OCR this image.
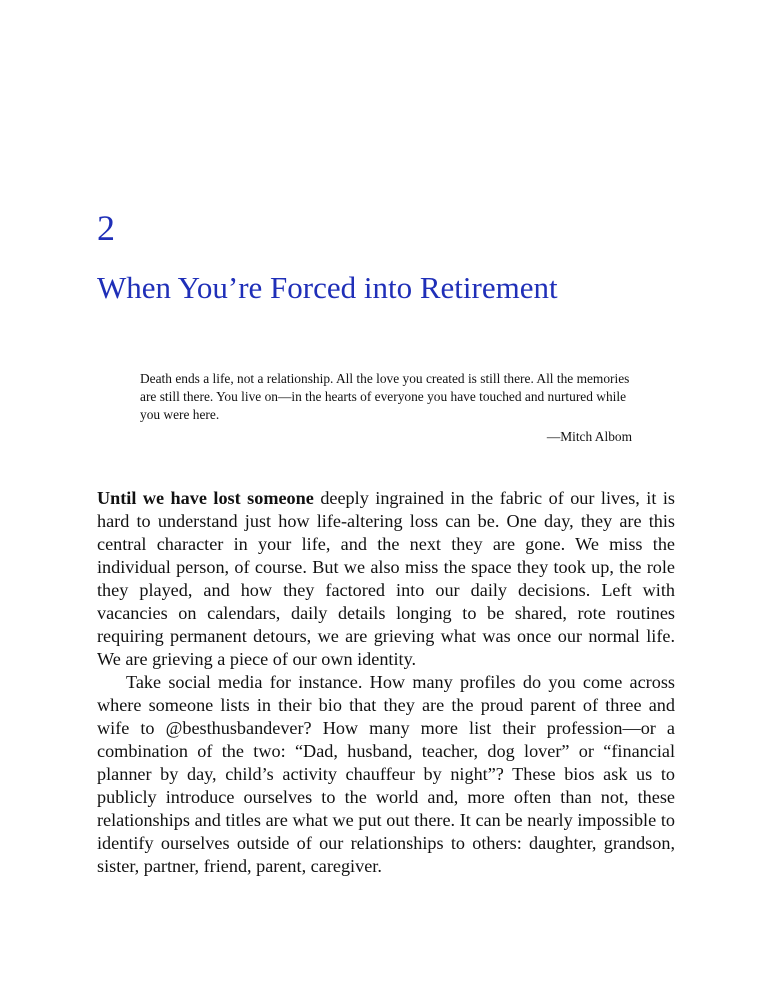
2
When You’re Forced into Retirement

Death ends a life, not a relationship. All the love you created is still there. All the memories are still there. You live on—in the hearts of everyone you have touched and nurtured while you were here.

—Mitch Albom

Until we have lost someone deeply ingrained in the fabric of our lives, it is hard to understand just how life-altering loss can be. One day, they are this central character in your life, and the next they are gone. We miss the individual person, of course. But we also miss the space they took up, the role they played, and how they factored into our daily decisions. Left with vacancies on calendars, daily details longing to be shared, rote routines requiring permanent detours, we are grieving what was once our normal life. We are grieving a piece of our own identity.

Take social media for instance. How many profiles do you come across where someone lists in their bio that they are the proud parent of three and wife to @besthusbandever? How many more list their profession—or a combination of the two: “Dad, husband, teacher, dog lover” or “financial planner by day, child’s activity chauffeur by night”? These bios ask us to publicly introduce ourselves to the world and, more often than not, these relationships and titles are what we put out there. It can be nearly impossible to identify ourselves outside of our relationships to others: daughter, grandson, sister, partner, friend, parent, caregiver.
